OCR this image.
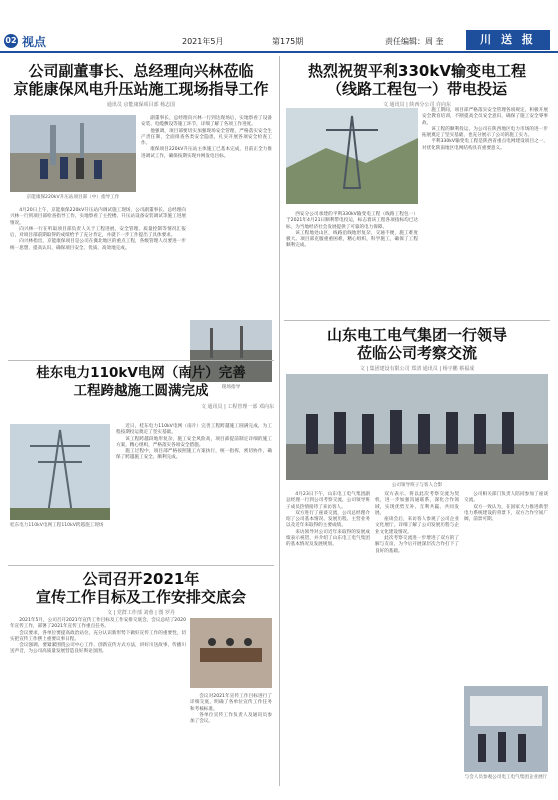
02 视点	2021年5月	第175期	责任编辑：周 奎	川 送 报
公司副董事长、总经理向兴林莅临
京能康保风电升压站施工现场指导工作
通讯员 京能康保项目部 杨志国
京能康保220kV升压站项目部（中）指导工作

副董事长、总经理向兴林一行到达现场后，实地察看了设备安装、电缆敷设等施工环节，详细了解了各项工作进度。

他强调，项目部要切实加强现场安全管理，严格落实安全生产责任制，全面排查各类安全隐患，扎实开展各项安全检查工作。

康保项目220kV升压站主体施工已基本完成，目前正全力推进调试工作，确保按期实现并网发电目标。

4月20日上午，京能康保220kV升压站内调试施工现场，公司副董事长、总经理向兴林一行到项目部检查指导工作，实地察看了主控楼、升压站设备安装调试等施工进展情况。

向兴林一行在听取项目部负责人关于工程进展、安全管理、质量控制等情况汇报后，对项目部前期取得的成绩给予了充分肯定，并就下一步工作提出了具体要求。

向兴林指出，京能康保项目是公司在冀北地区的重点工程，各级管理人员要进一步统一思想，提高认识，确保项目安全、优质、高效地完成。

现场指导
桂东电力110kV电网（南片）完善
工程跨越施工圆满完成
文 通讯员 | 工程管理一部 邓向东
桂东电力110kV电网工程110kV跨越施工现场

近日，桂东电力110kV电网（南片）完善工程跨越施工圆满完成，为工程按期投运奠定了坚实基础。

该工程跨越段地形复杂，施工安全风险高，项目部提前制定详细的施工方案，精心组织，严格落实各项安全措施。

施工过程中，项目部严格按照施工方案执行，统一指挥，密切协作，确保了跨越施工安全、顺利完成。

公司召开2021年
宣传工作目标及工作安排交底会
文 | 党群工作部 刘蓉 | 图 罗丹

2021年5月，公司召开2021年宣传工作目标及工作安排交底会，会议总结了2020年宣传工作，部署了2021年宣传工作重点任务。

会议要求，各单位要提高政治站位，充分认识新形势下做好宣传工作的重要性，切实把宣传工作摆上重要议事日程。

会议强调，要紧紧围绕公司中心工作，创新宣传方式方法，讲好川送故事，传播川送声音，为公司高质量发展营造良好舆论氛围。

会议对2021年宣传工作目标进行了详细交底，明确了各单位宣传工作任务和考核标准。

各单位宣传工作负责人及通讯员参加了会议。

热烈祝贺平利330kV输变电工程
（线路工程包一）带电投运
文 通讯员 | 陕西分公司 许向东

施工期间，项目部严格落实安全管理各项规定，积极开展安全教育培训，不断提高全员安全意识，确保了施工安全零事故。

该工程的顺利投运，为公司在陕西地区电力市场的进一步拓展奠定了坚实基础，也充分展示了公司的施工实力。

平利330kV输变电工程是陕西省重点电网建设项目之一，对优化陕南地区电网结构具有重要意义。

西安分公司承建的平利330kV输变电工程（线路工程包一）于2021年4月21日顺利带电投运，标志着该工程各项指标均已达标，为当地经济社会发展提供了可靠的电力保障。

该工程地处山区，线路沿线地形复杂、交通不便，施工难度极大。项目部克服重重困难，精心组织，科学施工，确保了工程顺利完成。

山东电工电气集团一行领导
莅临公司考察交流
文 | 集团建设有限公司 郑清 通讯员 | 杨宇鹏 蔡福成
公司领导班子与客人合影

4月23日下午，山东电工电气集团副总经理一行到公司考察交流，公司领导班子成员热情接待了来访客人。

双方进行了座谈交流，公司总经理介绍了公司基本情况、发展历程、主营业务以及近年来取得的主要成绩。

来访领导对公司近年来取得的发展成绩表示祝贺，并介绍了山东电工电气集团的基本情况及发展规划。

双方表示，将以此次考察交流为契机，进一步加强沟通联系，深化合作领域，实现优势互补、互利共赢、共同发展。

座谈会后，来访客人参观了公司企业文化展厅，详细了解了公司发展历程与企业文化建设情况。

此次考察交流进一步增进了双方的了解与友谊，为今后开展深层次合作打下了良好的基础。

公司相关部门负责人陪同参加了座谈交流。

双方一致认为，在国家大力推进新型电力系统建设的背景下，双方合作空间广阔，前景可期。

与会人员参观公司电工电气集团企业展厅
